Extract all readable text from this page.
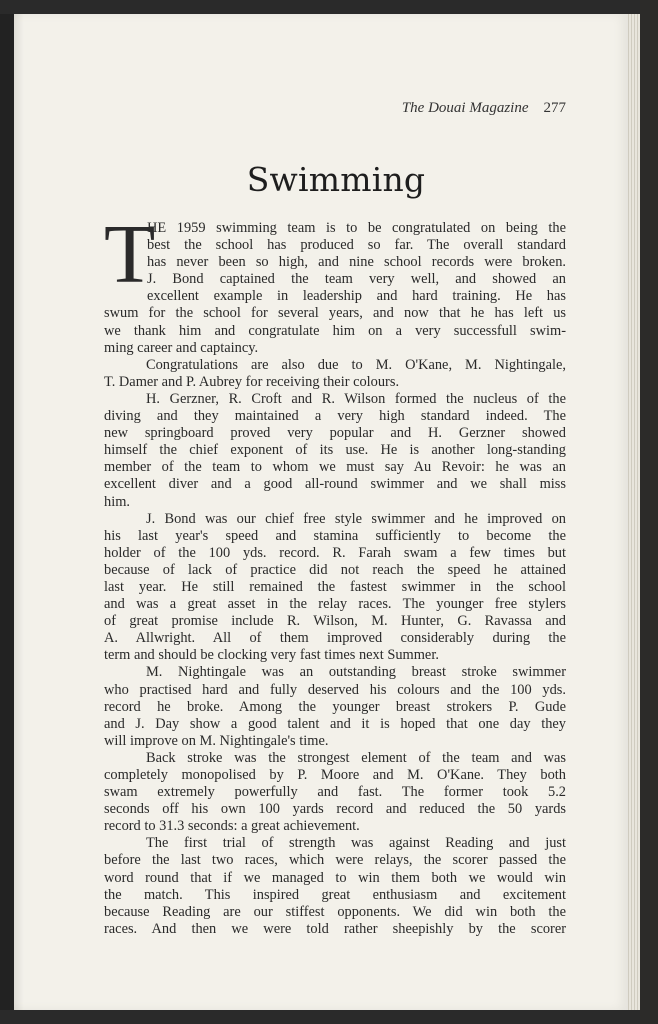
The Douai Magazine 277
Swimming
T
HE 1959 swimming team is to be congratulated on being the
best the school has produced so far. The overall standard
has never been so high, and nine school records were broken.
J. Bond captained the team very well, and showed an
excellent example in leadership and hard training. He has
swum for the school for several years, and now that he has left us
we thank him and congratulate him on a very successfull swim-
ming career and captaincy.
Congratulations are also due to M. O'Kane, M. Nightingale,
T. Damer and P. Aubrey for receiving their colours.
H. Gerzner, R. Croft and R. Wilson formed the nucleus of the
diving and they maintained a very high standard indeed. The
new springboard proved very popular and H. Gerzner showed
himself the chief exponent of its use. He is another long-standing
member of the team to whom we must say Au Revoir: he was an
excellent diver and a good all-round swimmer and we shall miss
him.
J. Bond was our chief free style swimmer and he improved on
his last year's speed and stamina sufficiently to become the
holder of the 100 yds. record. R. Farah swam a few times but
because of lack of practice did not reach the speed he attained
last year. He still remained the fastest swimmer in the school
and was a great asset in the relay races. The younger free stylers
of great promise include R. Wilson, M. Hunter, G. Ravassa and
A. Allwright. All of them improved considerably during the
term and should be clocking very fast times next Summer.
M. Nightingale was an outstanding breast stroke swimmer
who practised hard and fully deserved his colours and the 100 yds.
record he broke. Among the younger breast strokers P. Gude
and J. Day show a good talent and it is hoped that one day they
will improve on M. Nightingale's time.
Back stroke was the strongest element of the team and was
completely monopolised by P. Moore and M. O'Kane. They both
swam extremely powerfully and fast. The former took 5.2
seconds off his own 100 yards record and reduced the 50 yards
record to 31.3 seconds: a great achievement.
The first trial of strength was against Reading and just
before the last two races, which were relays, the scorer passed the
word round that if we managed to win them both we would win
the match. This inspired great enthusiasm and excitement
because Reading are our stiffest opponents. We did win both the
races. And then we were told rather sheepishly by the scorer
